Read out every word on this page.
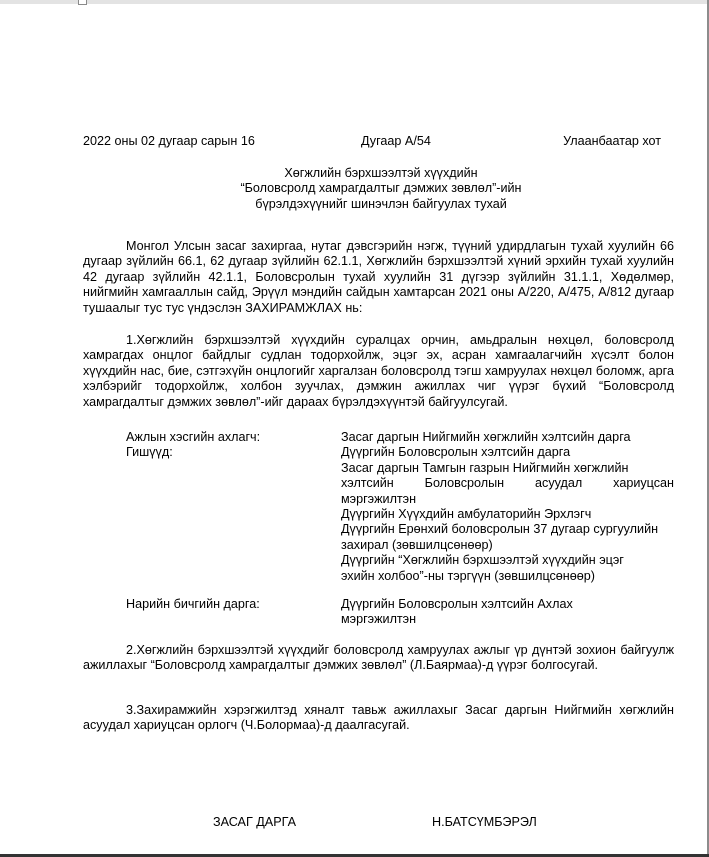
2022 оны 02 дугаар сарын 16	Дугаар А/54	Улаанбаатар хот
Хөгжлийн бэрхшээлтэй хүүхдийн
“Боловсролд хамрагдалтыг дэмжих зөвлөл”-ийн
бүрэлдэхүүнийг шинэчлэн байгуулах тухай
Монгол Улсын засаг захиргаа, нутаг дэвсгэрийн нэгж, түүний удирдлагын тухай хуулийн 66 дугаар зүйлийн 66.1, 62 дугаар зүйлийн 62.1.1, Хөгжлийн бэрхшээлтэй хүний эрхийн тухай хуулийн 42 дугаар зүйлийн 42.1.1, Боловсролын тухай хуулийн 31 дүгээр зүйлийн 31.1.1, Хөдөлмөр, нийгмийн хамгааллын сайд, Эрүүл мэндийн сайдын хамтарсан 2021 оны А/220, А/475, А/812 дугаар тушаалыг тус тус үндэслэн ЗАХИРАМЖЛАХ нь:
1.Хөгжлийн бэрхшээлтэй хүүхдийн суралцах орчин, амьдралын нөхцөл, боловсролд хамрагдах онцлог байдлыг судлан тодорхойлж, эцэг эх, асран хамгаалагчийн хүсэлт болон хүүхдийн нас, бие, сэтгэхүйн онцлогийг харгалзан боловсролд тэгш хамруулах нөхцөл боломж, арга хэлбэрийг тодорхойлж, холбон зуучлах, дэмжин ажиллах чиг үүрэг бүхий “Боловсролд хамрагдалтыг дэмжих зөвлөл”-ийг дараах бүрэлдэхүүнтэй байгуулсугай.
Ажлын хэсгийн ахлагч:	Засаг даргын Нийгмийн хөгжлийн хэлтсийн дарга
Гишүүд:	Дүүргийн Боловсролын хэлтсийн дарга
Засаг даргын Тамгын газрын Нийгмийн хөгжлийн
хэлтсийн Боловсролын асуудал хариуцсан
мэргэжилтэн
Дүүргийн Хүүхдийн амбулаторийн Эрхлэгч
Дүүргийн Ерөнхий боловсролын 37 дугаар сургуулийн
захирал (зөвшилцсөнөөр)
Дүүргийн “Хөгжлийн бэрхшээлтэй хүүхдийн эцэг
эхийн холбоо”-ны тэргүүн (зөвшилцсөнөөр)
Нарийн бичгийн дарга:	Дүүргийн Боловсролын хэлтсийн Ахлах
мэргэжилтэн
2.Хөгжлийн бэрхшээлтэй хүүхдийг боловсролд хамруулах ажлыг үр дүнтэй зохион байгуулж ажиллахыг “Боловсролд хамрагдалтыг дэмжих зөвлөл” (Л.Баярмаа)-д үүрэг болгосугай.
3.Захирамжийн хэрэгжилтэд хяналт тавьж ажиллахыг Засаг даргын Нийгмийн хөгжлийн асуудал хариуцсан орлогч (Ч.Болормаа)-д даалгасугай.
ЗАСАГ ДАРГА	Н.БАТСҮМБЭРЭЛ
